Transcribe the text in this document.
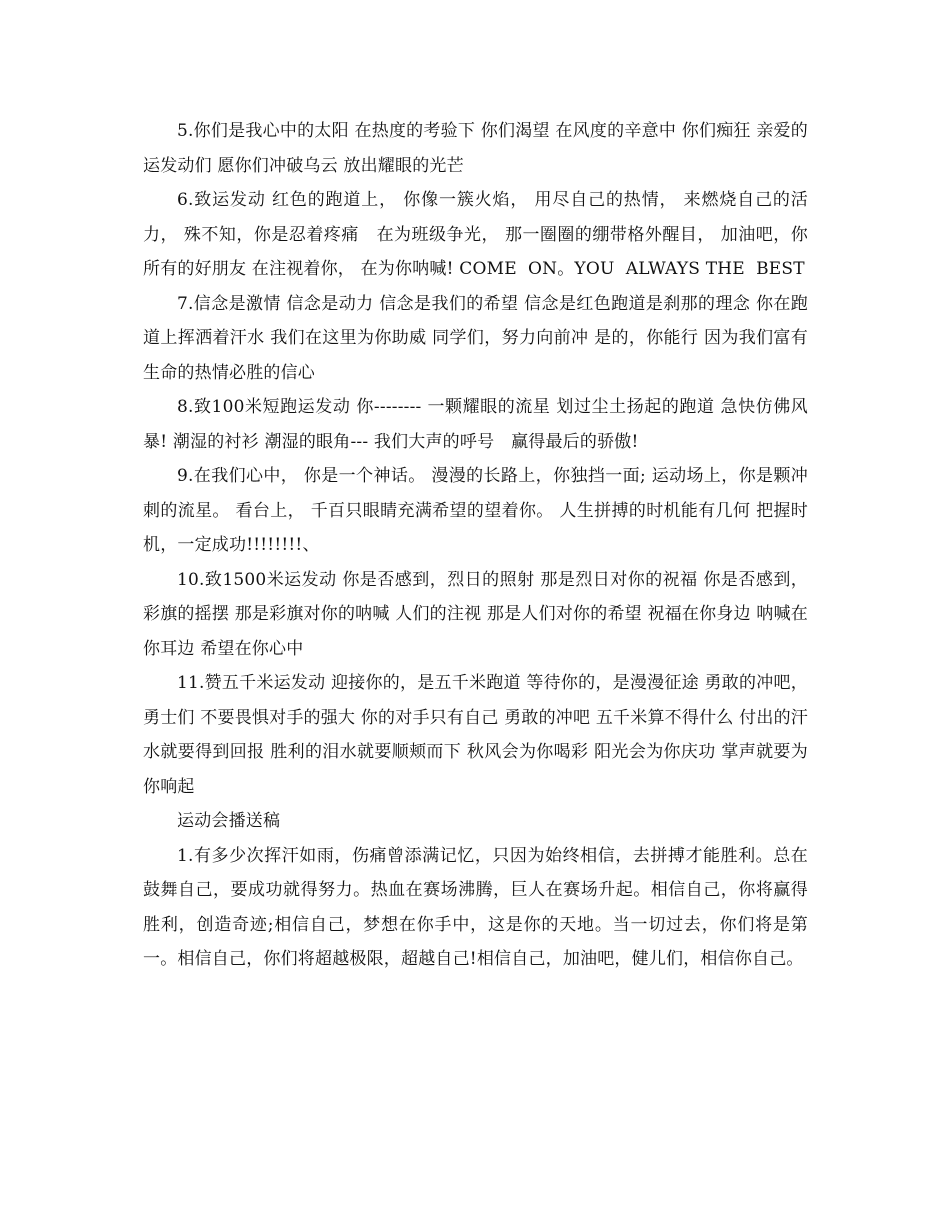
5.你们是我心中的太阳 在热度的考验下 你们渴望 在风度的辛意中 你们痴狂 亲爱的运发动们 愿你们冲破乌云 放出耀眼的光芒

6.致运发动 红色的跑道上， 你像一簇火焰， 用尽自己的热情， 来燃烧自己的活力， 殊不知，你是忍着疼痛   在为班级争光， 那一圈圈的绷带格外醒目， 加油吧，你所有的好朋友 在注视着你， 在为你呐喊! COME  ON。YOU  ALWAYS THE  BEST

7.信念是激情 信念是动力 信念是我们的希望 信念是红色跑道是刹那的理念 你在跑道上挥洒着汗水 我们在这里为你助威 同学们，努力向前冲 是的，你能行 因为我们富有生命的热情必胜的信心

8.致100米短跑运发动 你-------- 一颗耀眼的流星 划过尘土扬起的跑道 急快仿佛风暴! 潮湿的衬衫 潮湿的眼角--- 我们大声的呼号   赢得最后的骄傲!

9.在我们心中， 你是一个神话。 漫漫的长路上，你独挡一面; 运动场上，你是颗冲刺的流星。 看台上， 千百只眼睛充满希望的望着你。 人生拼搏的时机能有几何 把握时机，一定成功!!!!!!!!、

10.致1500米运发动 你是否感到，烈日的照射 那是烈日对你的祝福 你是否感到，彩旗的摇摆 那是彩旗对你的呐喊 人们的注视 那是人们对你的希望 祝福在你身边 呐喊在你耳边 希望在你心中

11.赞五千米运发动 迎接你的，是五千米跑道 等待你的，是漫漫征途 勇敢的冲吧，勇士们 不要畏惧对手的强大 你的对手只有自己 勇敢的冲吧 五千米算不得什么 付出的汗水就要得到回报 胜利的泪水就要顺颊而下 秋风会为你喝彩 阳光会为你庆功 掌声就要为你响起

运动会播送稿

1.有多少次挥汗如雨，伤痛曾添满记忆，只因为始终相信，去拼搏才能胜利。总在鼓舞自己，要成功就得努力。热血在赛场沸腾，巨人在赛场升起。相信自己，你将赢得胜利，创造奇迹;相信自己，梦想在你手中，这是你的天地。当一切过去，你们将是第一。相信自己，你们将超越极限，超越自己!相信自己，加油吧，健儿们，相信你自己。
